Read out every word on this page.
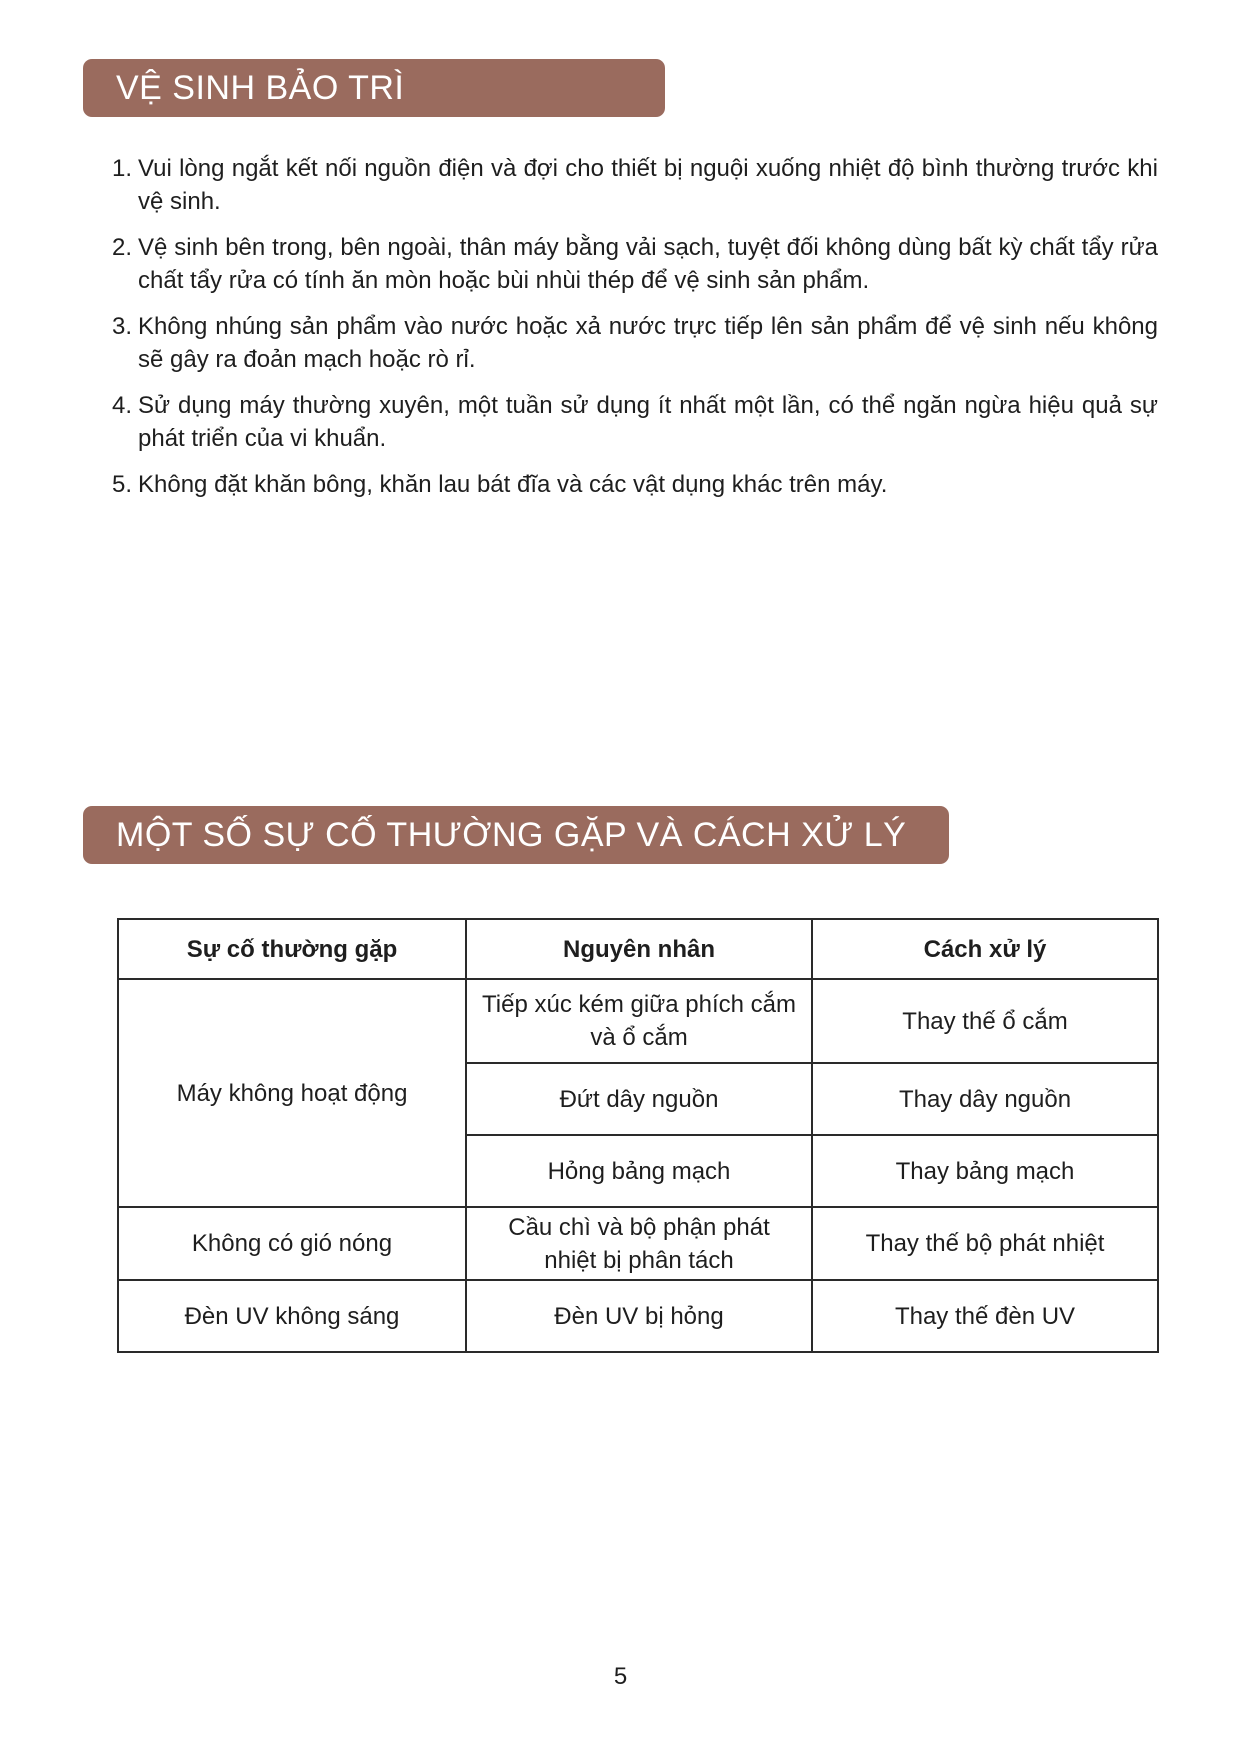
VỆ SINH BẢO TRÌ
1. Vui lòng ngắt kết nối nguồn điện và đợi cho thiết bị nguội xuống nhiệt độ bình thường trước khi vệ sinh.
2. Vệ sinh bên trong, bên ngoài, thân máy bằng vải sạch, tuyệt đối không dùng bất kỳ chất tẩy rửa chất tẩy rửa có tính ăn mòn hoặc bùi nhùi thép để vệ sinh sản phẩm.
3. Không nhúng sản phẩm vào nước hoặc xả nước trực tiếp lên sản phẩm để vệ sinh nếu không sẽ gây ra đoản mạch hoặc rò rỉ.
4. Sử dụng máy thường xuyên, một tuần sử dụng ít nhất một lần, có thể ngăn ngừa hiệu quả sự phát triển của vi khuẩn.
5. Không đặt khăn bông, khăn lau bát đĩa và các vật dụng khác trên máy.
MỘT SỐ SỰ CỐ THƯỜNG GẶP VÀ CÁCH XỬ LÝ
Sự cố thường gặp	Nguyên nhân	Cách xử lý
Máy không hoạt động	Tiếp xúc kém giữa phích cắm và ổ cắm	Thay thế ổ cắm
	Đứt dây nguồn	Thay dây nguồn
	Hỏng bảng mạch	Thay bảng mạch
Không có gió nóng	Cầu chì và bộ phận phát nhiệt bị phân tách	Thay thế bộ phát nhiệt
Đèn UV không sáng	Đèn UV bị hỏng	Thay thế đèn UV
5
